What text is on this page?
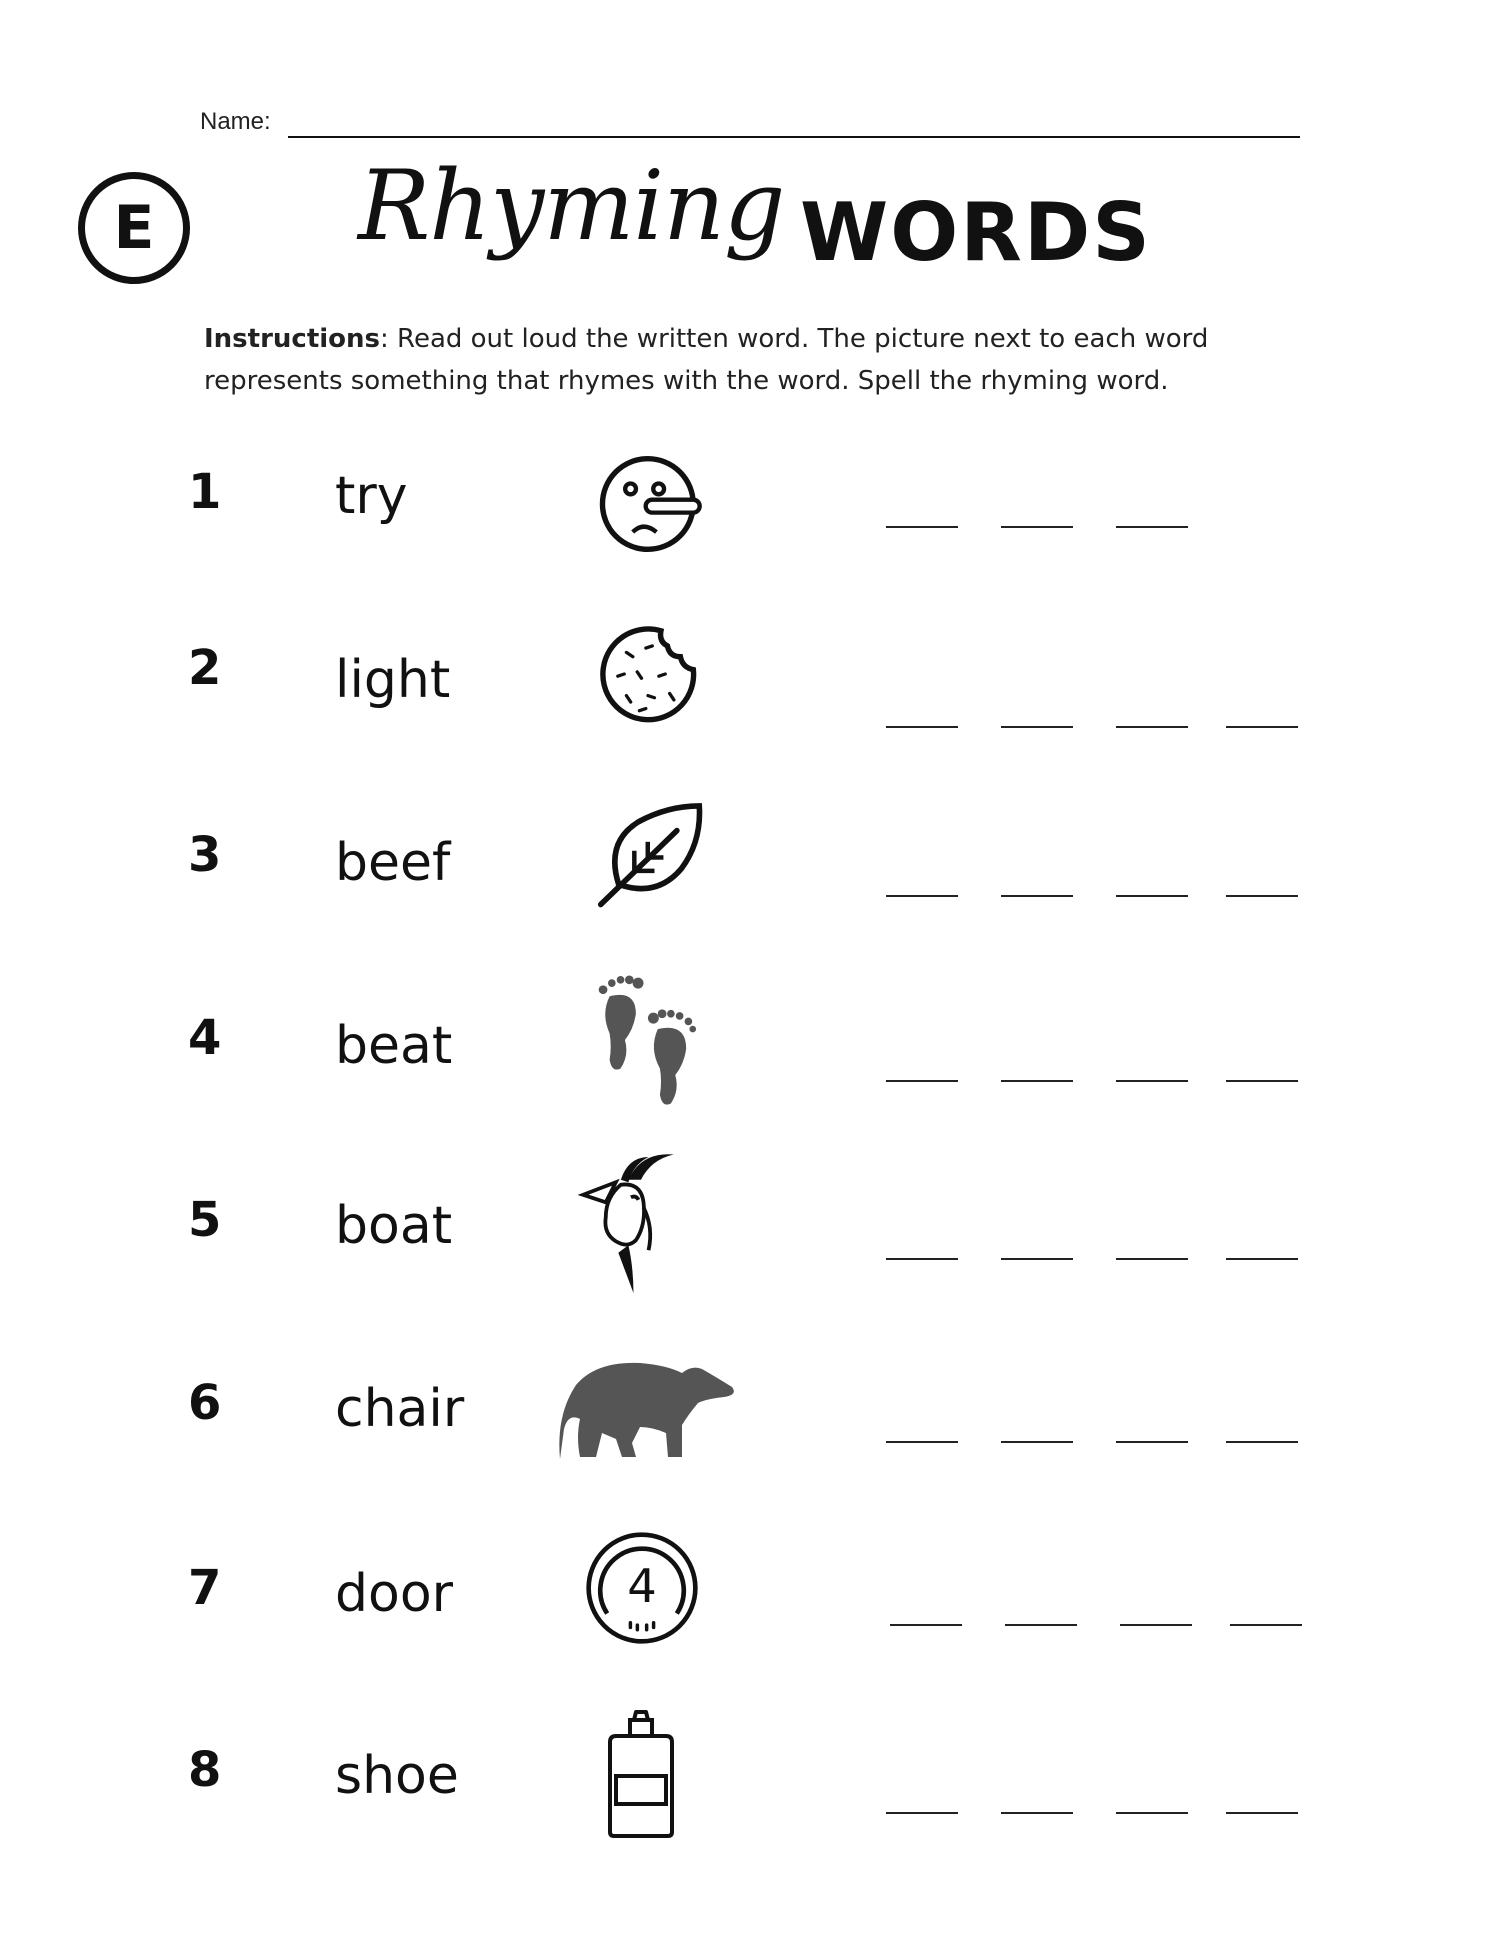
Name:
E Rhyming WORDS
Instructions: Read out loud the written word. The picture next to each word represents something that rhymes with the word. Spell the rhyming word.
1 try
2 light
3 beef
4 beat
5 boat
6 chair
7 door	4
8 shoe
